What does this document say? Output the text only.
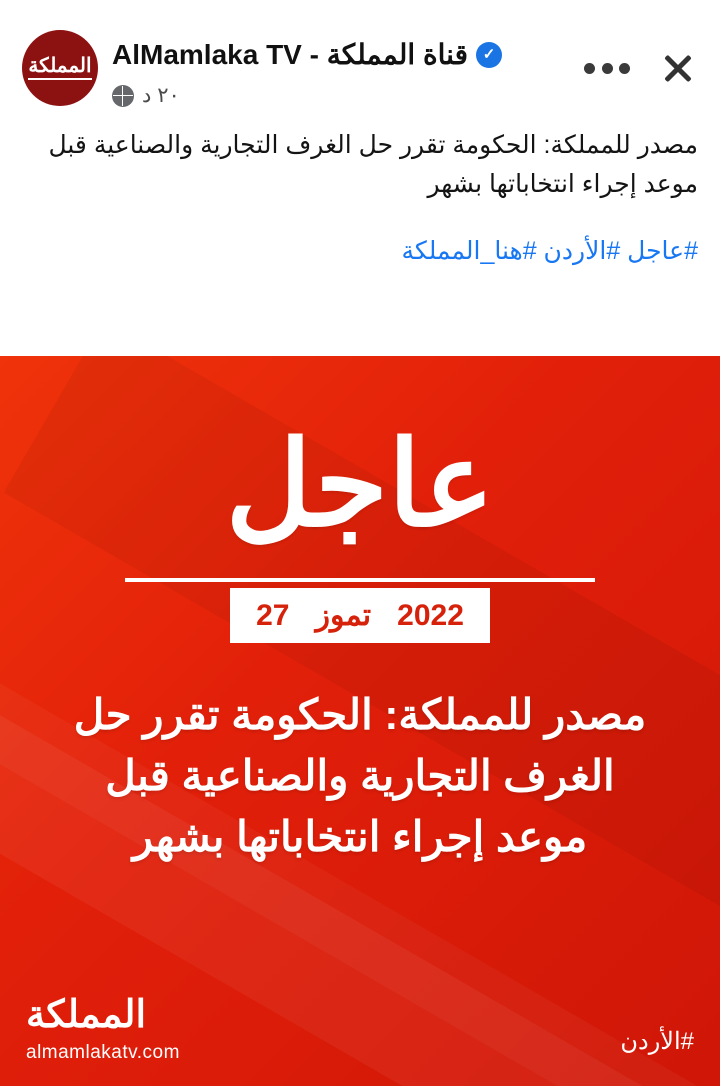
✓
قناة المملكة - AlMamlaka TV
٢٠ د
المملكة
مصدر للمملكة: الحكومة تقرر حل الغرف التجارية والصناعية قبل موعد إجراء انتخاباتها بشهر
#عاجل #الأردن #هنا_المملكة
عاجل
27 تموز 2022
مصدر للمملكة: الحكومة تقرر حل الغرف التجارية والصناعية قبل موعد إجراء انتخاباتها بشهر
#الأردن
المملكة
almamlakatv.com
